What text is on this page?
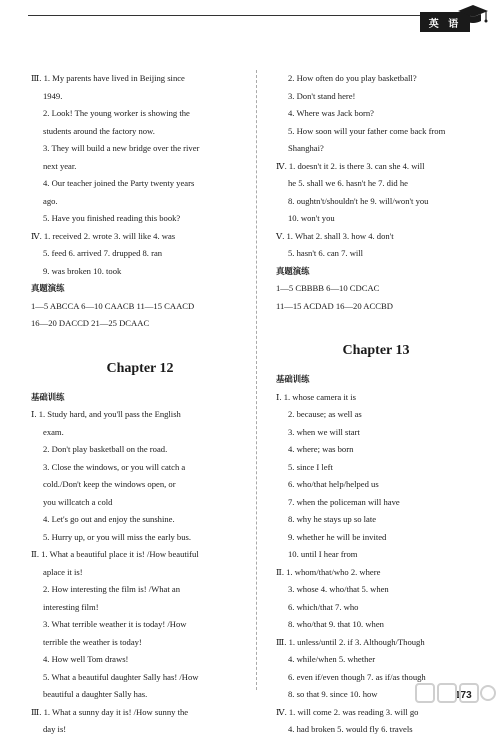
英 语
Ⅲ. 1. My parents have lived in Beijing since
1949.
2. Look! The young worker is showing the
students around the factory now.
3. They will build a new bridge over the river
next year.
4. Our teacher joined the Party twenty years
ago.
5. Have you finished reading this book?
Ⅳ. 1. received 2. wrote 3. will like 4. was
5. feed 6. arrived 7. drupped 8. ran
9. was broken 10. took
真题演练
1—5 ABCCA 6—10 CAACB 11—15 CAACD
16—20 DACCD 21—25 DCAAC
Chapter 12
基础训练
Ⅰ. 1. Study hard, and you'll pass the English
exam.
2. Don't play basketball on the road.
3. Close the windows, or you will catch a
cold./Don't keep the windows open, or
you willcatch a cold
4. Let's go out and enjoy the sunshine.
5. Hurry up, or you will miss the early bus.
Ⅱ. 1. What a beautiful place it is! /How beautiful
aplace it is!
2. How interesting the film is! /What an
interesting film!
3. What terrible weather it is today! /How
terrible the weather is today!
4. How well Tom draws!
5. What a beautiful daughter Sally has! /How
beautiful a daughter Sally has.
Ⅲ. 1. What a sunny day it is! /How sunny the
day is!
2. How often do you play basketball?
3. Don't stand here!
4. Where was Jack born?
5. How soon will your father come back from
Shanghai?
Ⅳ. 1. doesn't it 2. is there 3. can she 4. will
he 5. shall we 6. hasn't he 7. did he
8. oughtn't/shouldn't he 9. will/won't you
10. won't you
Ⅴ. 1. What 2. shall 3. how 4. don't
5. hasn't 6. can 7. will
真题演练
1—5 CBBBB 6—10 CDCAC
11—15 ACDAD 16—20 ACCBD
Chapter 13
基础训练
Ⅰ. 1. whose camera it is
2. because; as well as
3. when we will start
4. where; was born
5. since I left
6. who/that help/helped us
7. when the policeman will have
8. why he stays up so late
9. whether he will be invited
10. until I hear from
Ⅱ. 1. whom/that/who 2. where
3. whose 4. who/that 5. when
6. which/that 7. who
8. who/that 9. that 10. when
Ⅲ. 1. unless/until 2. if 3. Although/Though
4. while/when 5. whether
6. even if/even though 7. as if/as though
8. so that 9. since 10. how
Ⅳ. 1. will come 2. was reading 3. will go
4. had broken 5. would fly 6. travels
173
